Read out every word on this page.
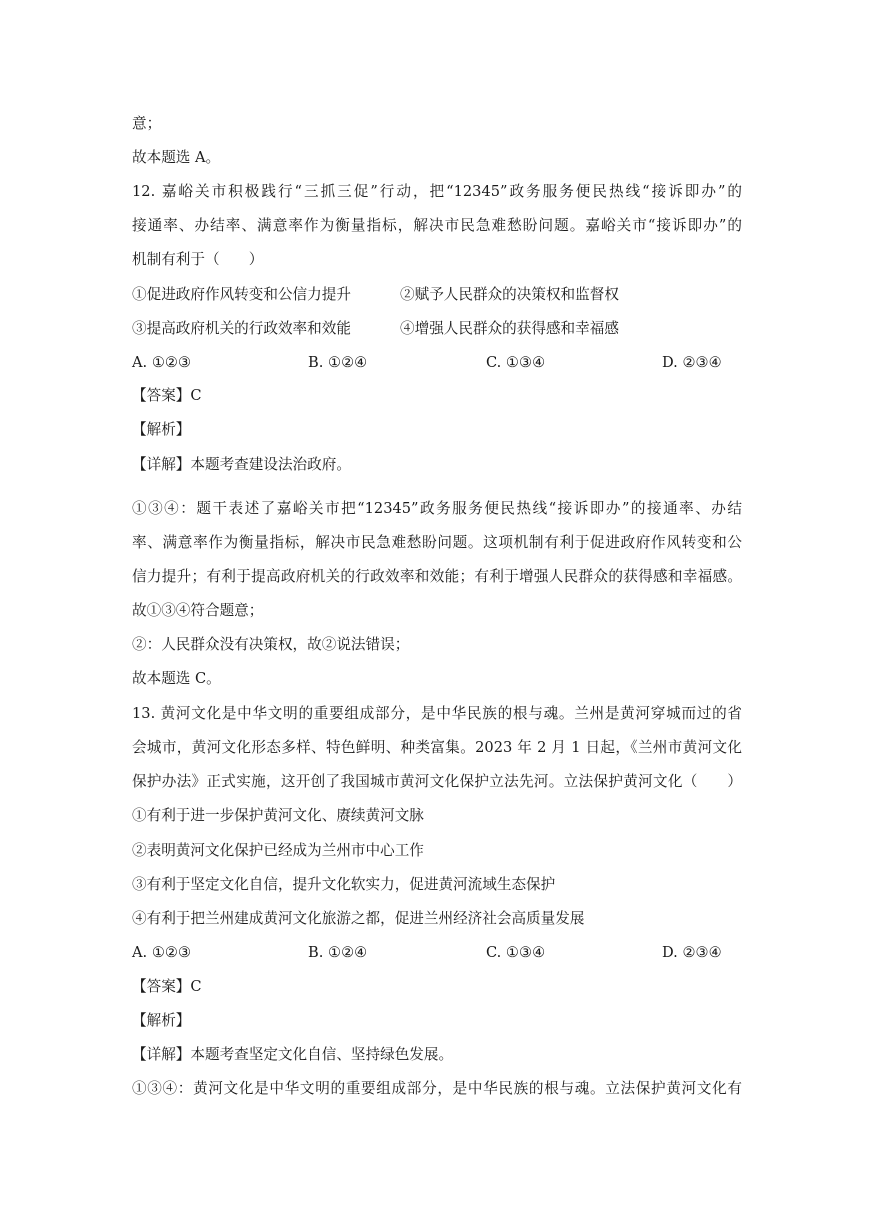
意；
故本题选 A。
12. 嘉峪关市积极践行“三抓三促”行动，把“12345”政务服务便民热线“接诉即办”的
接通率、办结率、满意率作为衡量指标，解决市民急难愁盼问题。嘉峪关市“接诉即办”的
机制有利于（　　）
①促进政府作风转变和公信力提升	②赋予人民群众的决策权和监督权
③提高政府机关的行政效率和效能	④增强人民群众的获得感和幸福感
A. ①②③	B. ①②④	C. ①③④	D. ②③④
【答案】C
【解析】
【详解】本题考查建设法治政府。
①③④：题干表述了嘉峪关市把“12345”政务服务便民热线“接诉即办”的接通率、办结
率、满意率作为衡量指标，解决市民急难愁盼问题。这项机制有利于促进政府作风转变和公
信力提升；有利于提高政府机关的行政效率和效能；有利于增强人民群众的获得感和幸福感。
故①③④符合题意；
②：人民群众没有决策权，故②说法错误；
故本题选 C。
13. 黄河文化是中华文明的重要组成部分，是中华民族的根与魂。兰州是黄河穿城而过的省
会城市，黄河文化形态多样、特色鲜明、种类富集。2023 年 2 月 1 日起，《兰州市黄河文化
保护办法》正式实施，这开创了我国城市黄河文化保护立法先河。立法保护黄河文化（　　）
①有利于进一步保护黄河文化、赓续黄河文脉
②表明黄河文化保护已经成为兰州市中心工作
③有利于坚定文化自信，提升文化软实力，促进黄河流域生态保护
④有利于把兰州建成黄河文化旅游之都，促进兰州经济社会高质量发展
A. ①②③	B. ①②④	C. ①③④	D. ②③④
【答案】C
【解析】
【详解】本题考查坚定文化自信、坚持绿色发展。
①③④：黄河文化是中华文明的重要组成部分，是中华民族的根与魂。立法保护黄河文化有
